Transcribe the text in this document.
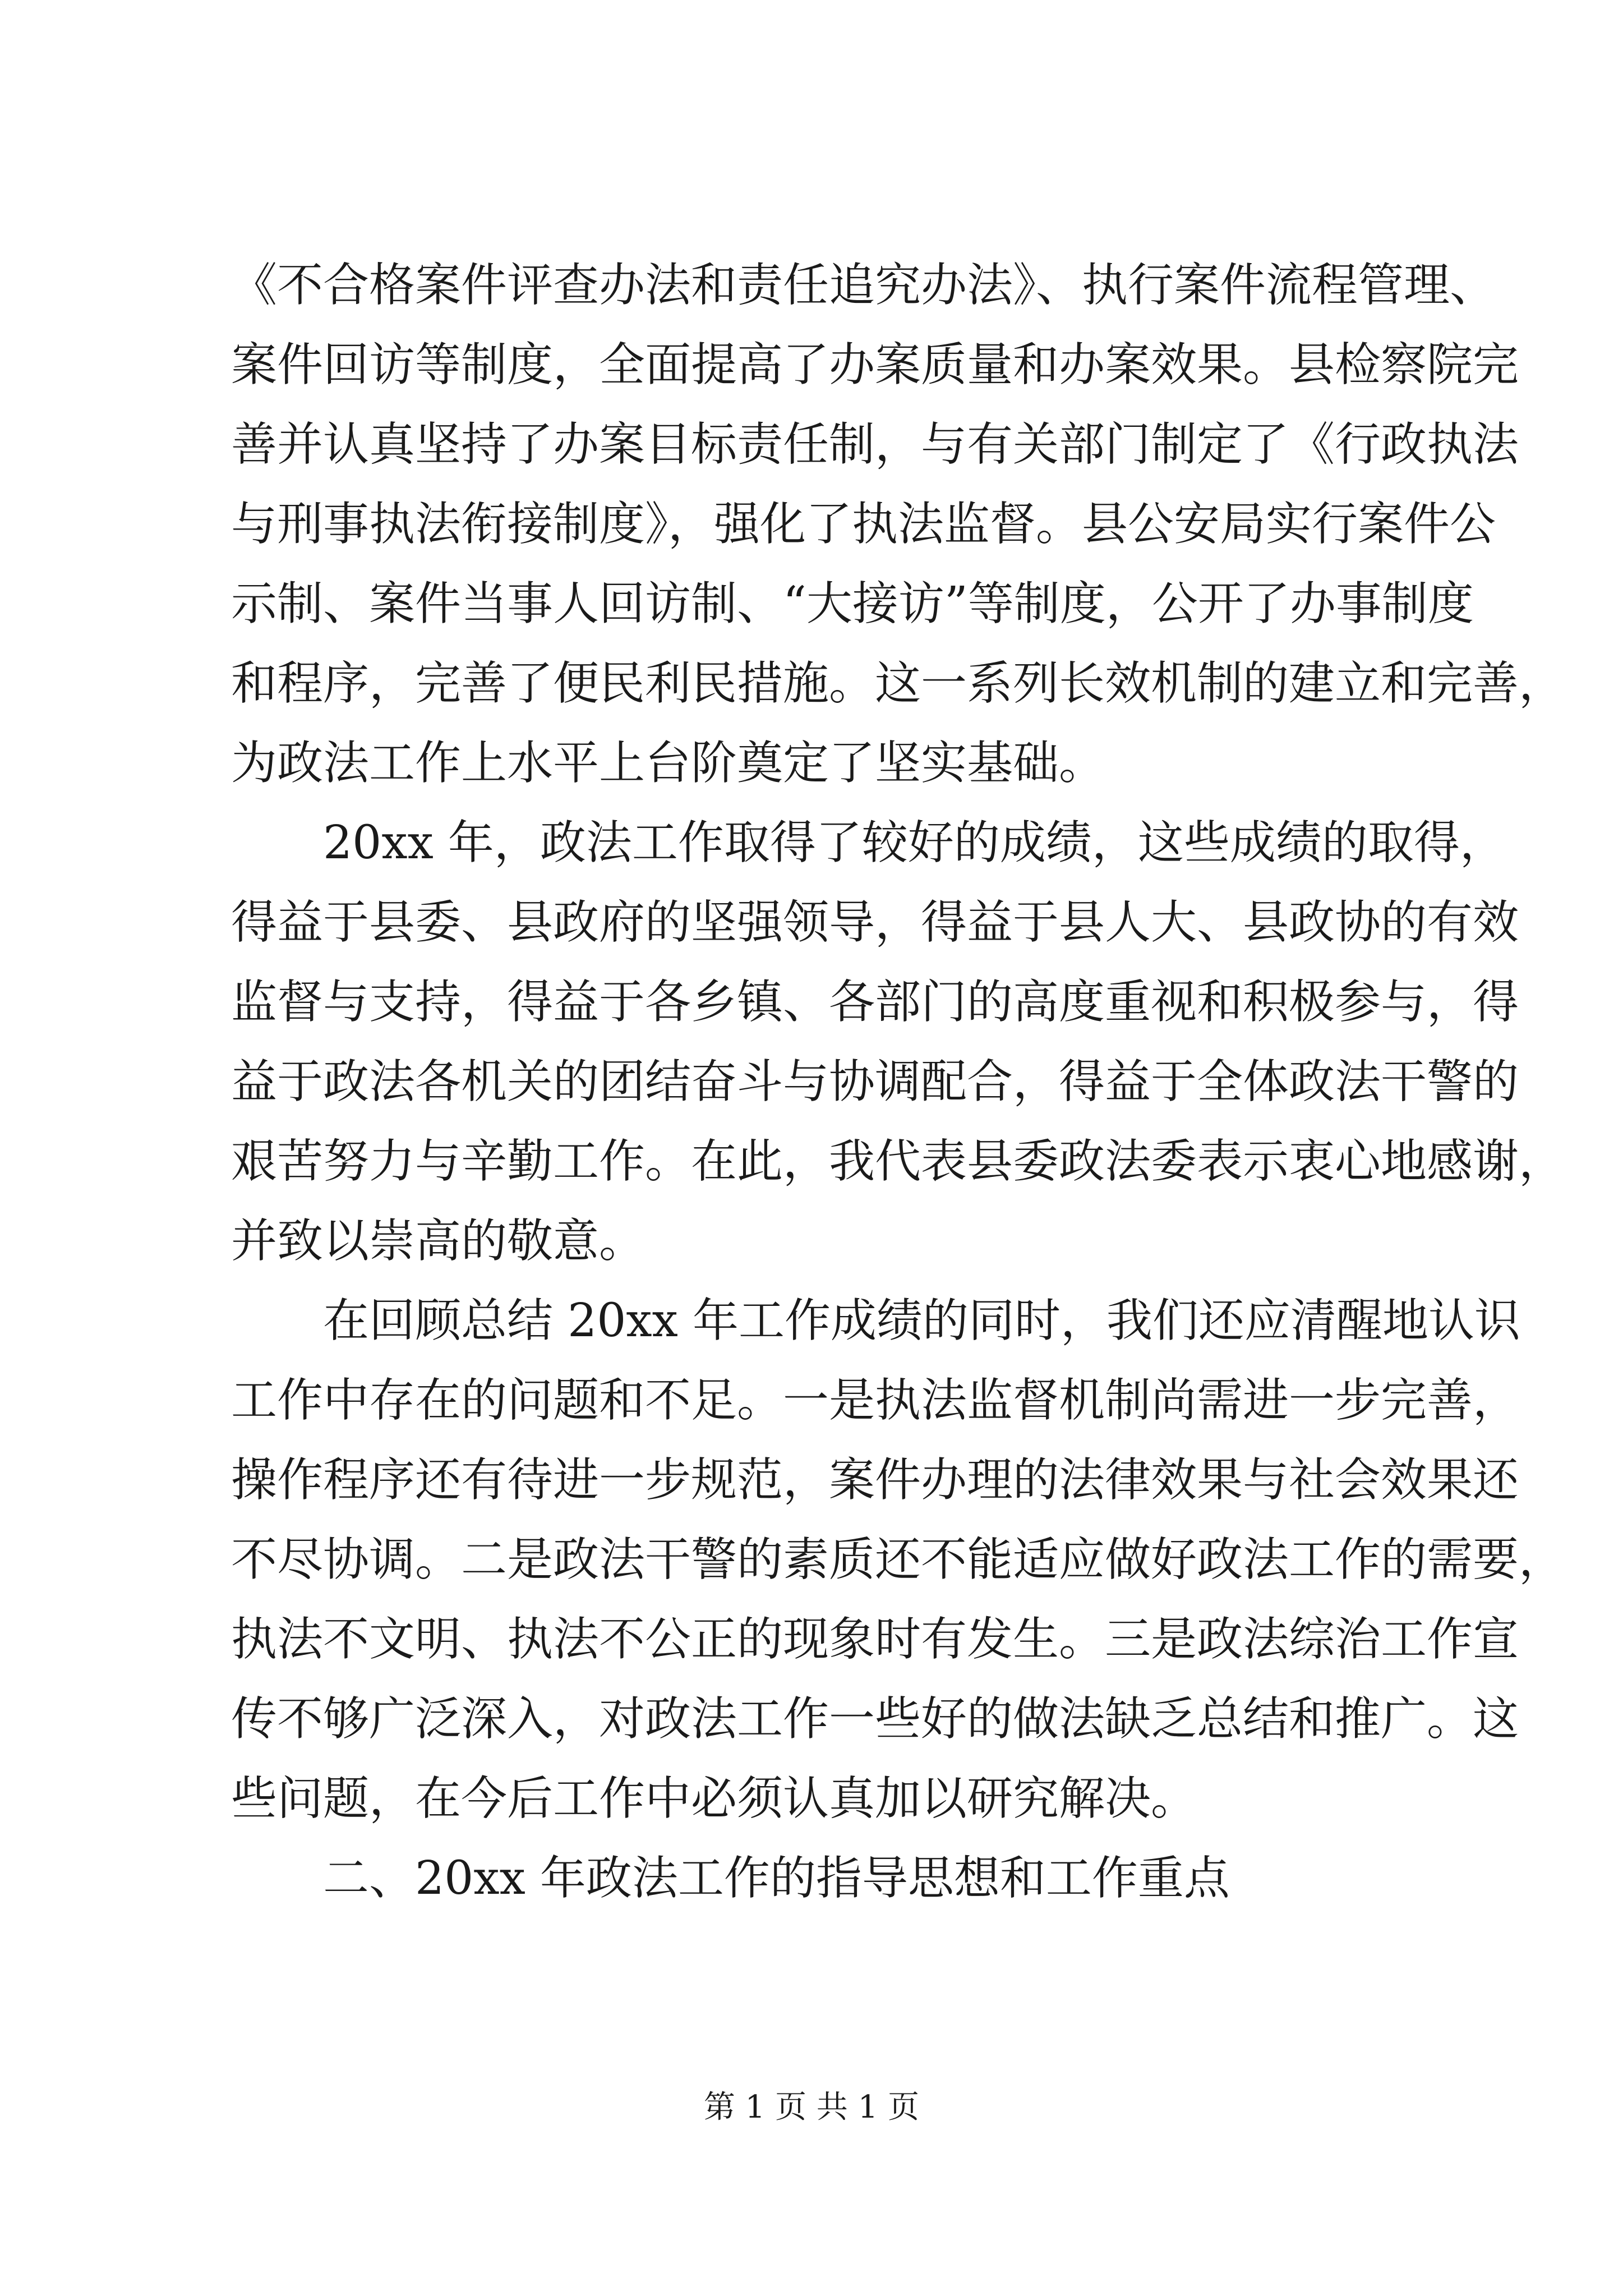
《不合格案件评查办法和责任追究办法》、执行案件流程管理、
案件回访等制度，全面提高了办案质量和办案效果。县检察院完
善并认真坚持了办案目标责任制，与有关部门制定了《行政执法
与刑事执法衔接制度》，强化了执法监督。县公安局实行案件公
示制、案件当事人回访制、“大接访”等制度，公开了办事制度
和程序，完善了便民利民措施。这一系列长效机制的建立和完善，
为政法工作上水平上台阶奠定了坚实基础。
20xx 年，政法工作取得了较好的成绩，这些成绩的取得，
得益于县委、县政府的坚强领导，得益于县人大、县政协的有效
监督与支持，得益于各乡镇、各部门的高度重视和积极参与，得
益于政法各机关的团结奋斗与协调配合，得益于全体政法干警的
艰苦努力与辛勤工作。在此，我代表县委政法委表示衷心地感谢，
并致以崇高的敬意。
在回顾总结 20xx 年工作成绩的同时，我们还应清醒地认识
工作中存在的问题和不足。一是执法监督机制尚需进一步完善，
操作程序还有待进一步规范，案件办理的法律效果与社会效果还
不尽协调。二是政法干警的素质还不能适应做好政法工作的需要，
执法不文明、执法不公正的现象时有发生。三是政法综治工作宣
传不够广泛深入，对政法工作一些好的做法缺乏总结和推广。这
些问题，在今后工作中必须认真加以研究解决。
二、20xx 年政法工作的指导思想和工作重点
第 1 页 共 1 页
